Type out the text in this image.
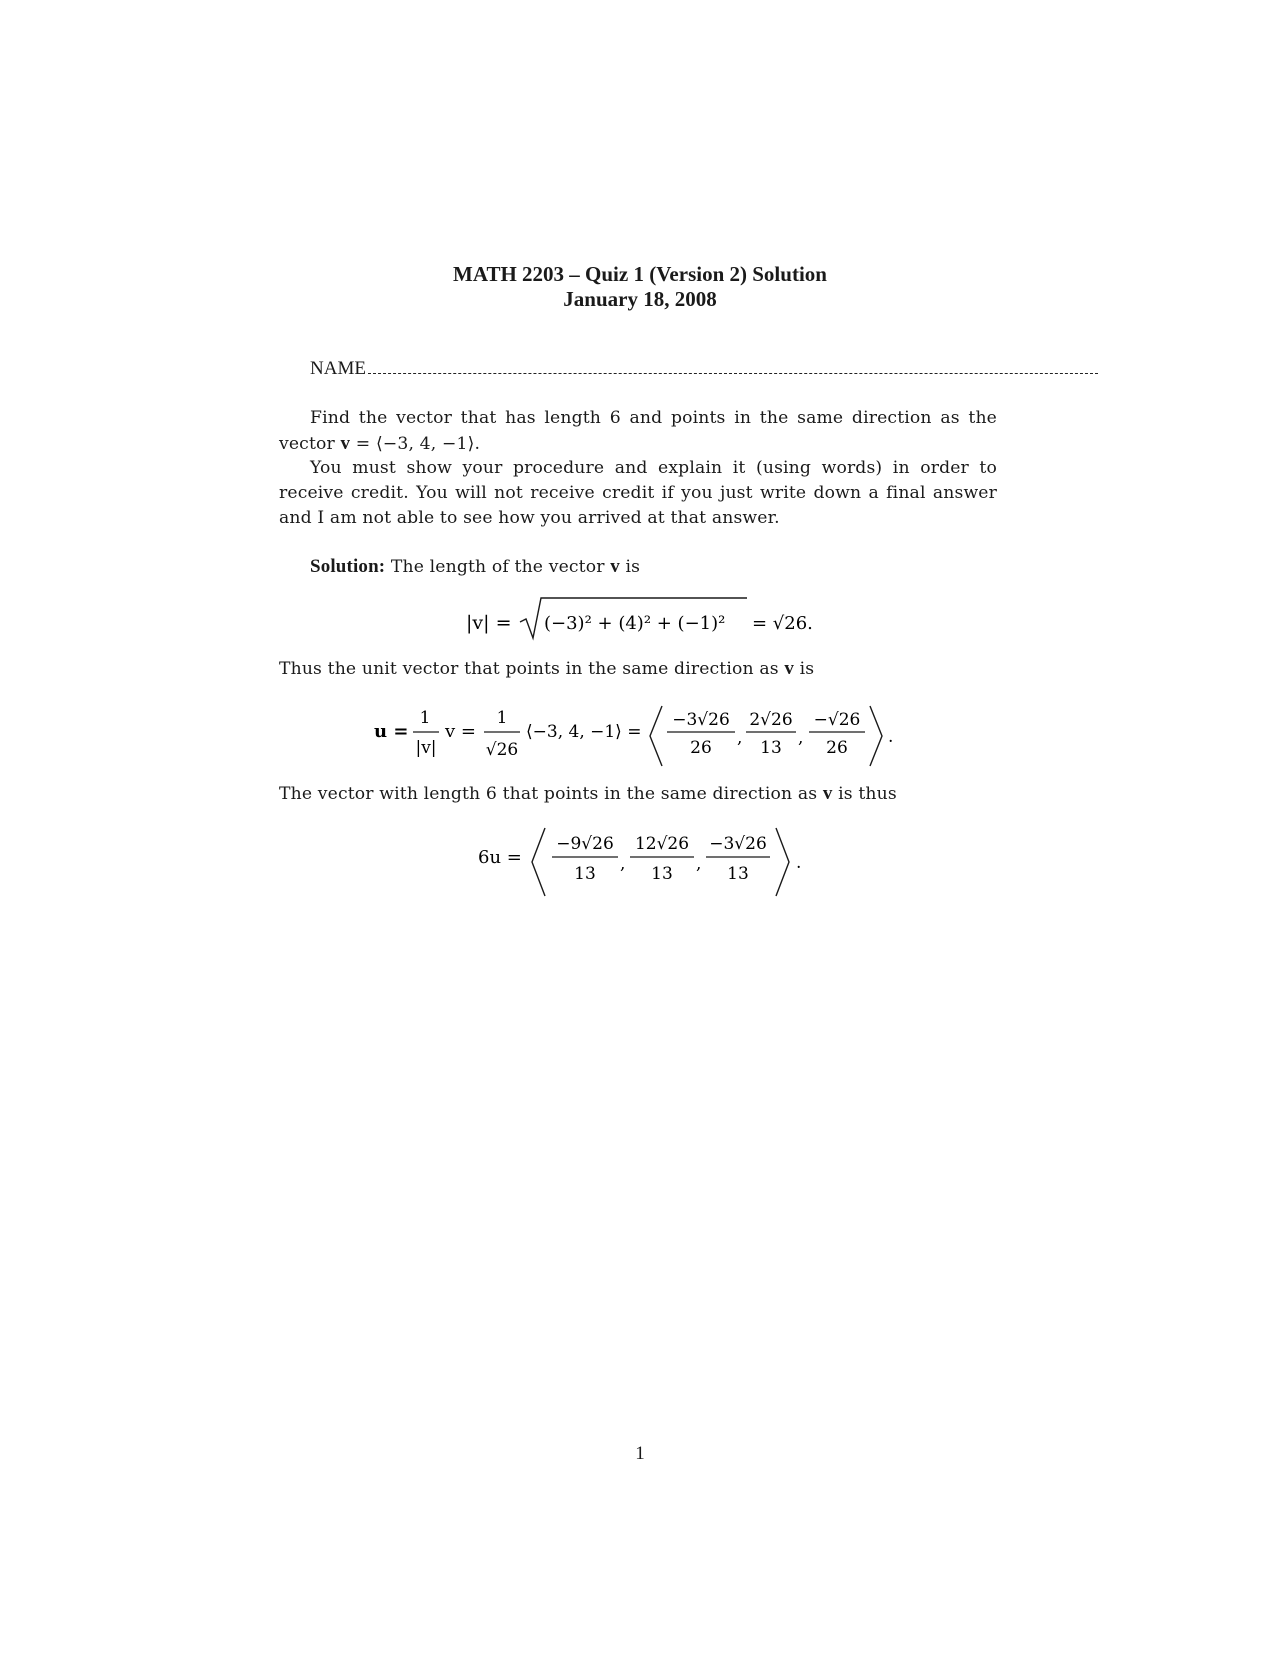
MATH 2203 – Quiz 1 (Version 2) Solution
January 18, 2008
NAME
Find the vector that has length 6 and points in the same direction as the vector v = ⟨−3, 4, −1⟩.
You must show your procedure and explain it (using words) in order to receive credit. You will not receive credit if you just write down a final answer and I am not able to see how you arrived at that answer.
Solution: The length of the vector v is
|v| = (−3)² + (4)² + (−1)² = √26.
Thus the unit vector that points in the same direction as v is
u =
1
|v|
v =
1
√26
⟨−3, 4, −1⟩ =
−3√26
26 ,
2√26
13 ,
−√26
26
.
The vector with length 6 that points in the same direction as v is thus
6u =
−9√26
13 ,
12√26
13 ,
−3√26
13
.
1
